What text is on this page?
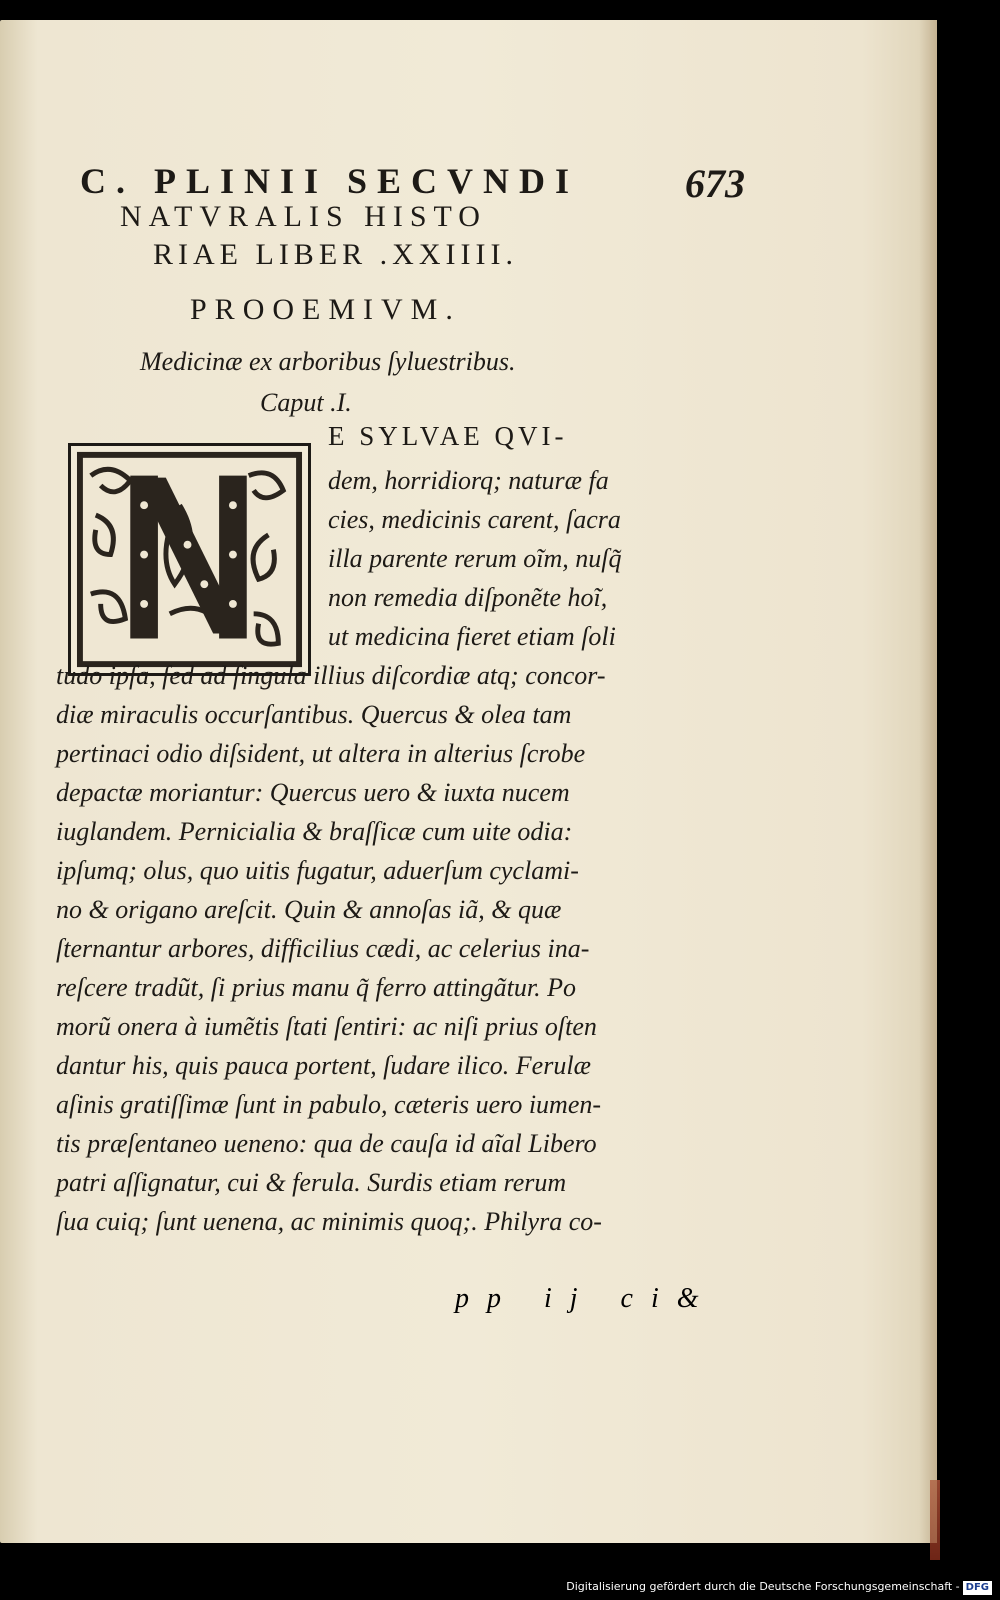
C. PLINII SECVNDI	673
NATVRALIS HISTO
RIAE LIBER .XXIIII.
PROOEMIVM.
Medicinæ ex arboribus ſyluestribus.
Caput .I.
E SYLVAE QVI-
dem, horridiorq; naturæ fa
cies, medicinis carent, ſacra
illa parente rerum oĩm, nuſq̃
non remedia diſponẽte hoĩ,
ut medicina fieret etiam ſoli
tudo ipſa, ſed ad ſingula illius diſcordiæ atq; concor-
diæ miraculis occurſantibus. Quercus & olea tam
pertinaci odio diſsident, ut altera in alterius ſcrobe
depactæ moriantur: Quercus uero & iuxta nucem
iuglandem. Pernicialia & braſſicæ cum uite odia:
ipſumq; olus, quo uitis fugatur, aduerſum cyclami-
no & origano areſcit. Quin & annoſas iã, & quæ
ſternantur arbores, difficilius cædi, ac celerius ina-
reſcere tradũt, ſi prius manu q̃ ferro attingãtur. Po
morũ onera à iumẽtis ſtati ſentiri: ac niſi prius oſten
dantur his, quis pauca portent, ſudare ilico. Ferulæ
aſinis gratiſſimæ ſunt in pabulo, cæteris uero iumen-
tis præſentaneo ueneno: qua de cauſa id aĩal Libero
patri aſſignatur, cui & ferula. Surdis etiam rerum
ſua cuiq; ſunt uenena, ac minimis quoq;. Philyra co-
pp ij ci&
Digitalisierung gefördert durch die Deutsche Forschungsgemeinschaft - DFG
